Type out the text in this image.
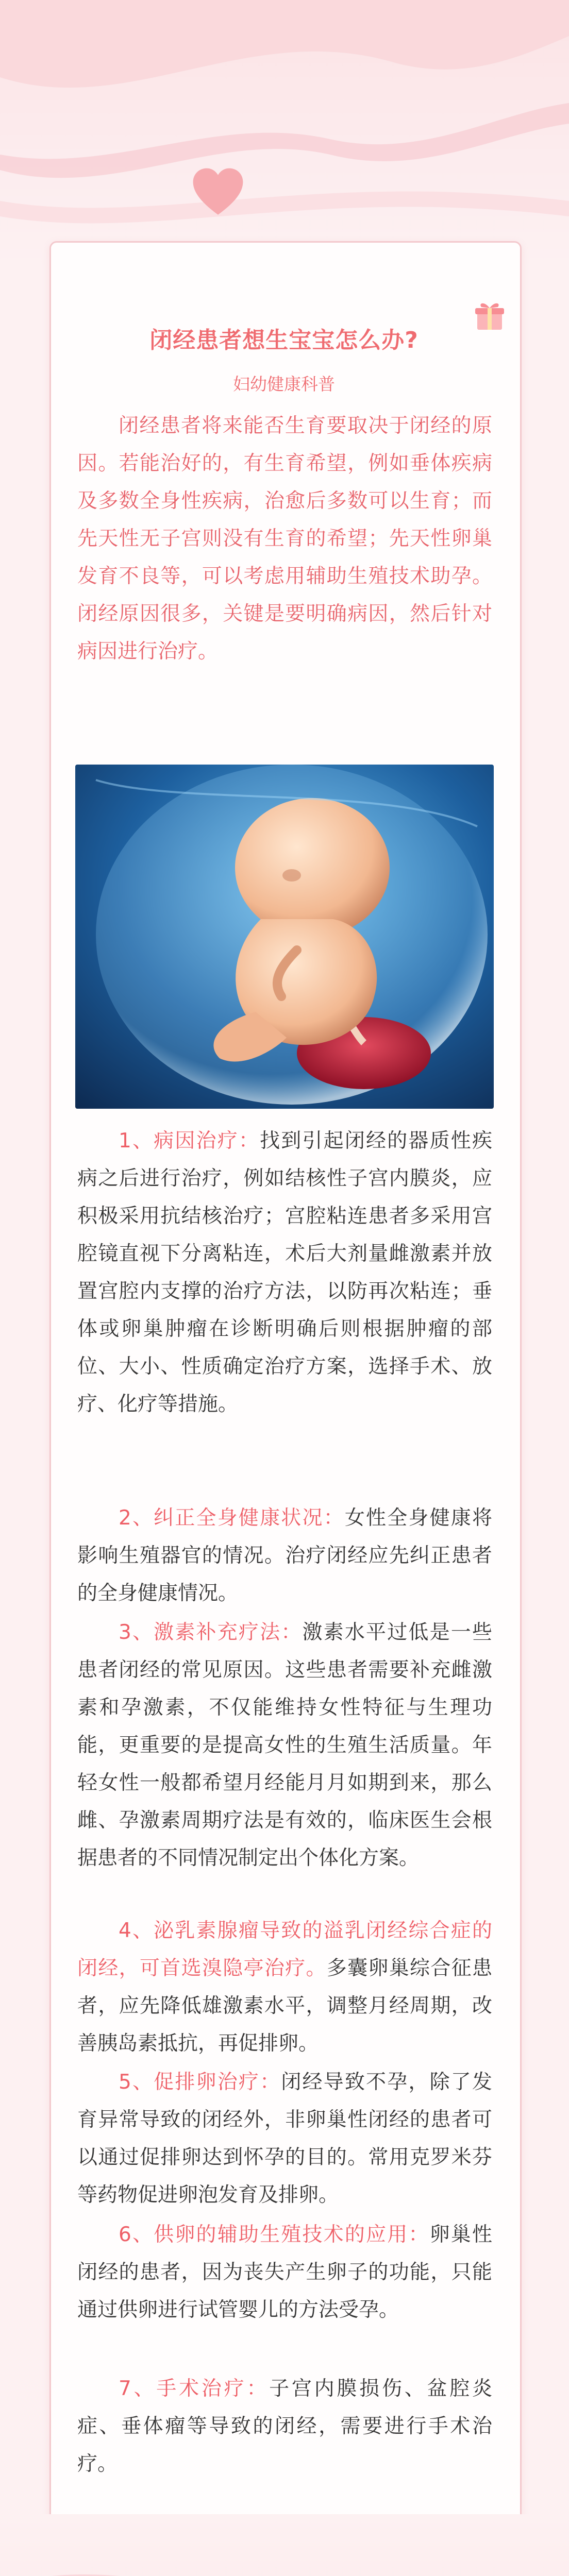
闭经患者想生宝宝怎么办?
妇幼健康科普

闭经患者将来能否生育要取决于闭经的原因。若能治好的，有生育希望，例如垂体疾病及多数全身性疾病，治愈后多数可以生育；而先天性无子宫则没有生育的希望；先天性卵巢发育不良等，可以考虑用辅助生殖技术助孕。闭经原因很多，关键是要明确病因，然后针对病因进行治疗。

1、病因治疗：找到引起闭经的器质性疾病之后进行治疗，例如结核性子宫内膜炎，应积极采用抗结核治疗；宫腔粘连患者多采用宫腔镜直视下分离粘连，术后大剂量雌激素并放置宫腔内支撑的治疗方法，以防再次粘连；垂体或卵巢肿瘤在诊断明确后则根据肿瘤的部位、大小、性质确定治疗方案，选择手术、放疗、化疗等措施。

2、纠正全身健康状况：女性全身健康将影响生殖器官的情况。治疗闭经应先纠正患者的全身健康情况。

3、激素补充疗法：激素水平过低是一些患者闭经的常见原因。这些患者需要补充雌激素和孕激素，不仅能维持女性特征与生理功能，更重要的是提高女性的生殖生活质量。年轻女性一般都希望月经能月月如期到来，那么雌、孕激素周期疗法是有效的，临床医生会根据患者的不同情况制定出个体化方案。

4、泌乳素腺瘤导致的溢乳闭经综合症的闭经，可首选溴隐亭治疗。多囊卵巢综合征患者，应先降低雄激素水平，调整月经周期，改善胰岛素抵抗，再促排卵。

5、促排卵治疗：闭经导致不孕，除了发育异常导致的闭经外，非卵巢性闭经的患者可以通过促排卵达到怀孕的目的。常用克罗米芬等药物促进卵泡发育及排卵。

6、供卵的辅助生殖技术的应用：卵巢性闭经的患者，因为丧失产生卵子的功能，只能通过供卵进行试管婴儿的方法受孕。

7、手术治疗：子宫内膜损伤、盆腔炎症、垂体瘤等导致的闭经，需要进行手术治疗。
